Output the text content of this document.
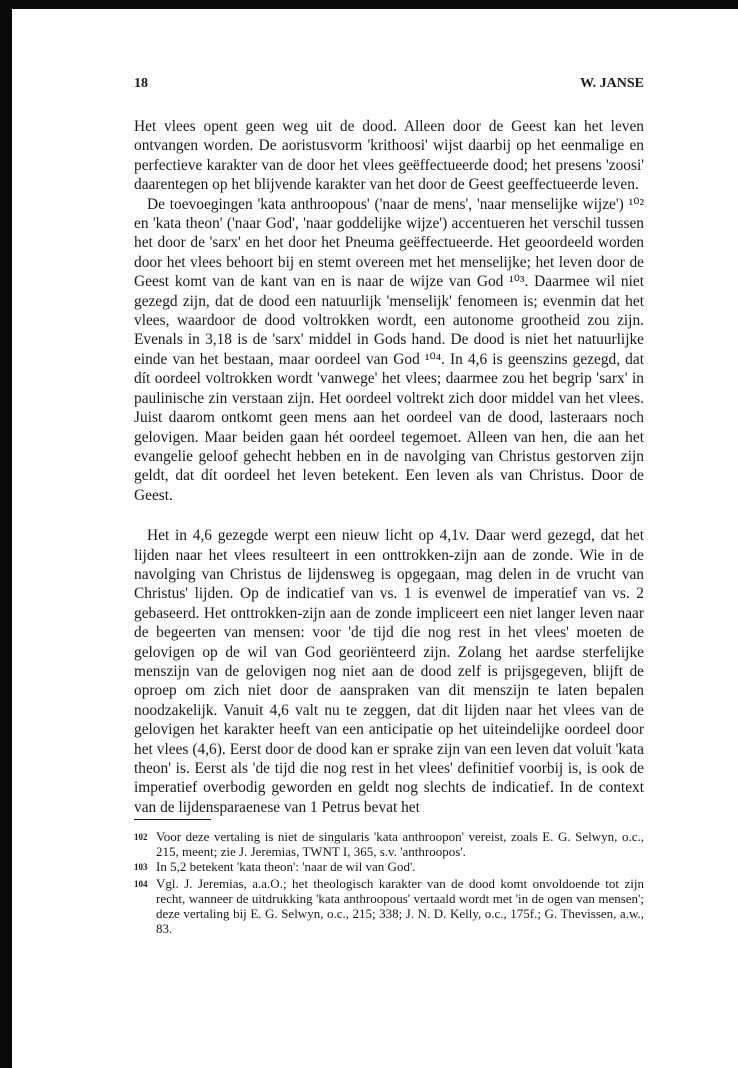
18	W. JANSE

Het vlees opent geen weg uit de dood. Alleen door de Geest kan het leven ontvangen worden. De aoristusvorm 'krithoosi' wijst daarbij op het eenmalige en perfectieve karakter van de door het vlees geëffectueerde dood; het presens 'zoosi' daarentegen op het blijvende karakter van het door de Geest geeffectueerde leven.

De toevoegingen 'kata anthroopous' ('naar de mens', 'naar menselijke wijze') ¹⁰² en 'kata theon' ('naar God', 'naar goddelijke wijze') accentueren het verschil tussen het door de 'sarx' en het door het Pneuma geëffectueerde. Het geoordeeld worden door het vlees behoort bij en stemt overeen met het menselijke; het leven door de Geest komt van de kant van en is naar de wijze van God ¹⁰³. Daarmee wil niet gezegd zijn, dat de dood een natuurlijk 'menselijk' fenomeen is; evenmin dat het vlees, waardoor de dood voltrokken wordt, een autonome grootheid zou zijn. Evenals in 3,18 is de 'sarx' middel in Gods hand. De dood is niet het natuurlijke einde van het bestaan, maar oordeel van God ¹⁰⁴. In 4,6 is geenszins gezegd, dat dít oordeel voltrokken wordt 'vanwege' het vlees; daarmee zou het begrip 'sarx' in paulinische zin verstaan zijn. Het oordeel voltrekt zich door middel van het vlees. Juist daarom ontkomt geen mens aan het oordeel van de dood, lasteraars noch gelovigen. Maar beiden gaan hét oordeel tegemoet. Alleen van hen, die aan het evangelie geloof gehecht hebben en in de navolging van Christus gestorven zijn geldt, dat dít oordeel het leven betekent. Een leven als van Christus. Door de Geest.

Het in 4,6 gezegde werpt een nieuw licht op 4,1v. Daar werd gezegd, dat het lijden naar het vlees resulteert in een onttrokken-zijn aan de zonde. Wie in de navolging van Christus de lijdensweg is opgegaan, mag delen in de vrucht van Christus' lijden. Op de indicatief van vs. 1 is evenwel de imperatief van vs. 2 gebaseerd. Het onttrokken-zijn aan de zonde impliceert een niet langer leven naar de begeerten van mensen: voor 'de tijd die nog rest in het vlees' moeten de gelovigen op de wil van God georiënteerd zijn. Zolang het aardse sterfelijke menszijn van de gelovigen nog niet aan de dood zelf is prijsgegeven, blijft de oproep om zich niet door de aanspraken van dit menszijn te laten bepalen noodzakelijk. Vanuit 4,6 valt nu te zeggen, dat dit lijden naar het vlees van de gelovigen het karakter heeft van een anticipatie op het uiteindelijke oordeel door het vlees (4,6). Eerst door de dood kan er sprake zijn van een leven dat voluit 'kata theon' is. Eerst als 'de tijd die nog rest in het vlees' definitief voorbij is, is ook de imperatief overbodig geworden en geldt nog slechts de indicatief. In de context van de lijdensparaenese van 1 Petrus bevat het

102 Voor deze vertaling is niet de singularis 'kata anthroopon' vereist, zoals E. G. Selwyn, o.c., 215, meent; zie J. Jeremias, TWNT I, 365, s.v. 'anthroopos'.
103 In 5,2 betekent 'kata theon': 'naar de wil van God'.
104 Vgl. J. Jeremias, a.a.O.; het theologisch karakter van de dood komt onvoldoende tot zijn recht, wanneer de uitdrukking 'kata anthroopous' vertaald wordt met 'in de ogen van mensen'; deze vertaling bij E. G. Selwyn, o.c., 215; 338; J. N. D. Kelly, o.c., 175f.; G. Thevissen, a.w., 83.
